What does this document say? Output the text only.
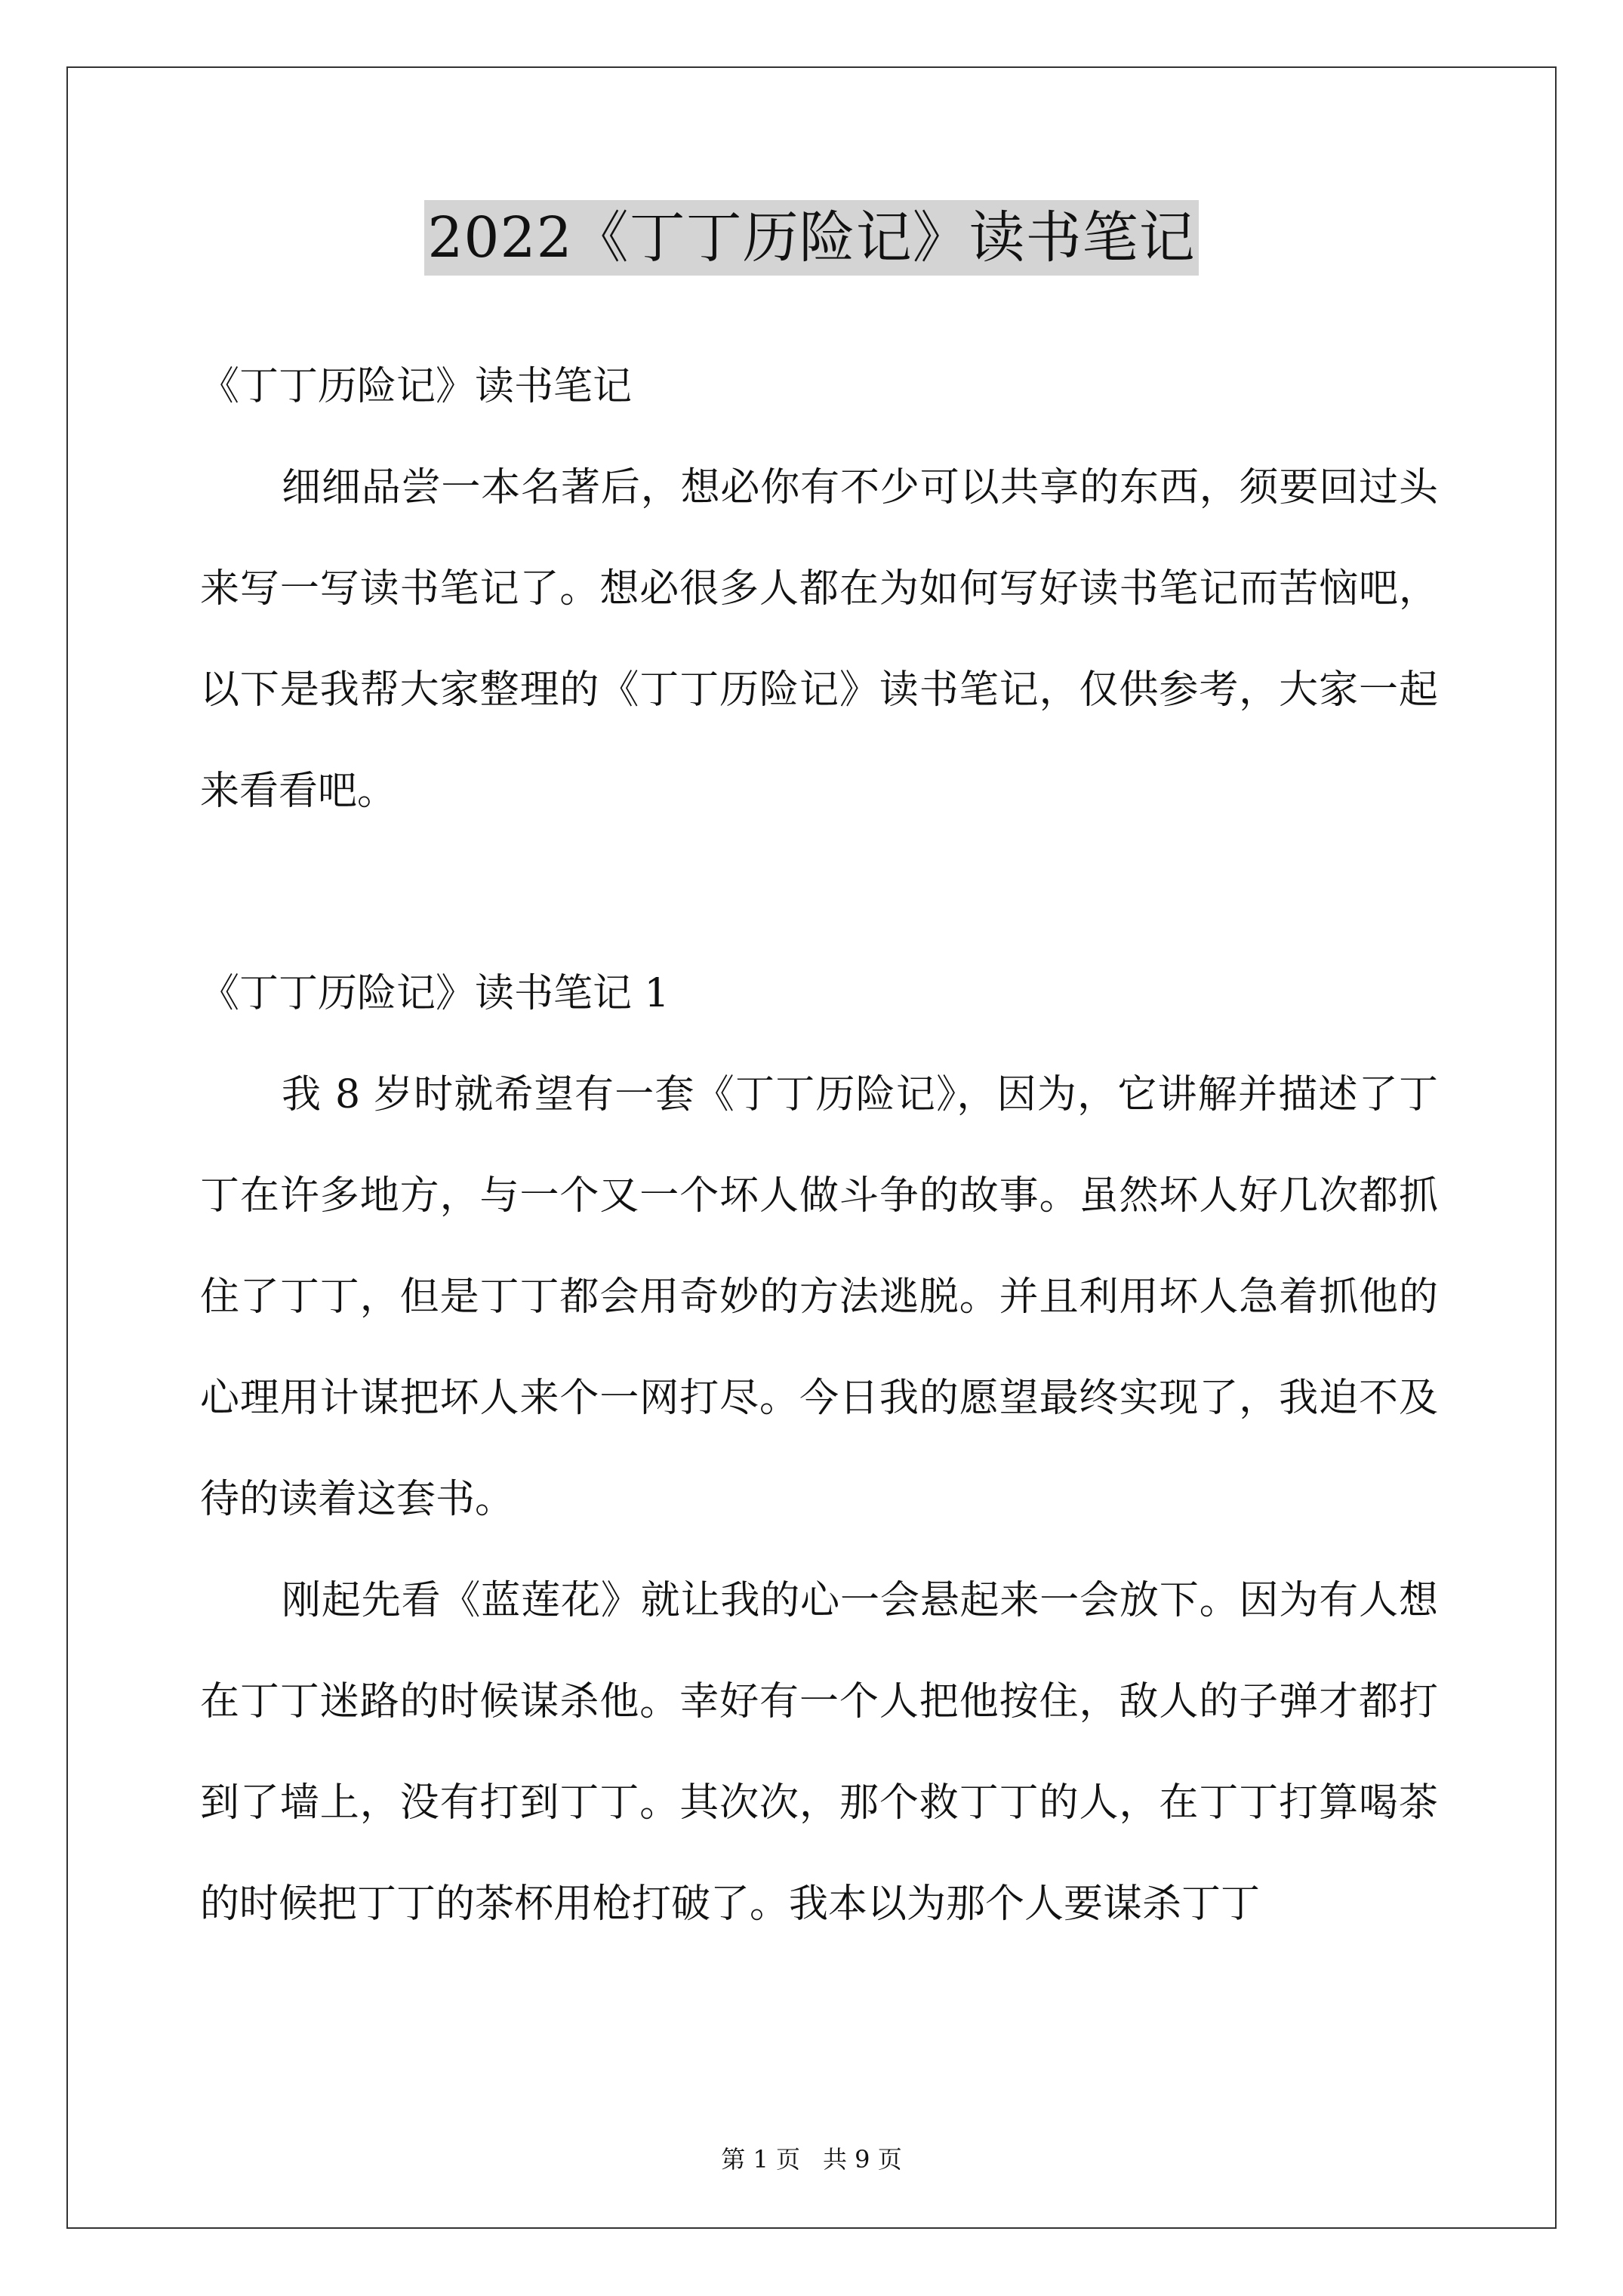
2022《丁丁历险记》读书笔记

《丁丁历险记》读书笔记

细细品尝一本名著后，想必你有不少可以共享的东西，须要回过头来写一写读书笔记了。想必很多人都在为如何写好读书笔记而苦恼吧，以下是我帮大家整理的《丁丁历险记》读书笔记，仅供参考，大家一起来看看吧。

《丁丁历险记》读书笔记 1

我 8 岁时就希望有一套《丁丁历险记》，因为，它讲解并描述了丁丁在许多地方，与一个又一个坏人做斗争的故事。虽然坏人好几次都抓住了丁丁，但是丁丁都会用奇妙的方法逃脱。并且利用坏人急着抓他的心理用计谋把坏人来个一网打尽。今日我的愿望最终实现了，我迫不及待的读着这套书。

刚起先看《蓝莲花》就让我的心一会悬起来一会放下。因为有人想在丁丁迷路的时候谋杀他。幸好有一个人把他按住，敌人的子弹才都打到了墙上，没有打到丁丁。其次次，那个救丁丁的人，在丁丁打算喝茶的时候把丁丁的茶杯用枪打破了。我本以为那个人要谋杀丁丁

第 1 页 共 9 页
